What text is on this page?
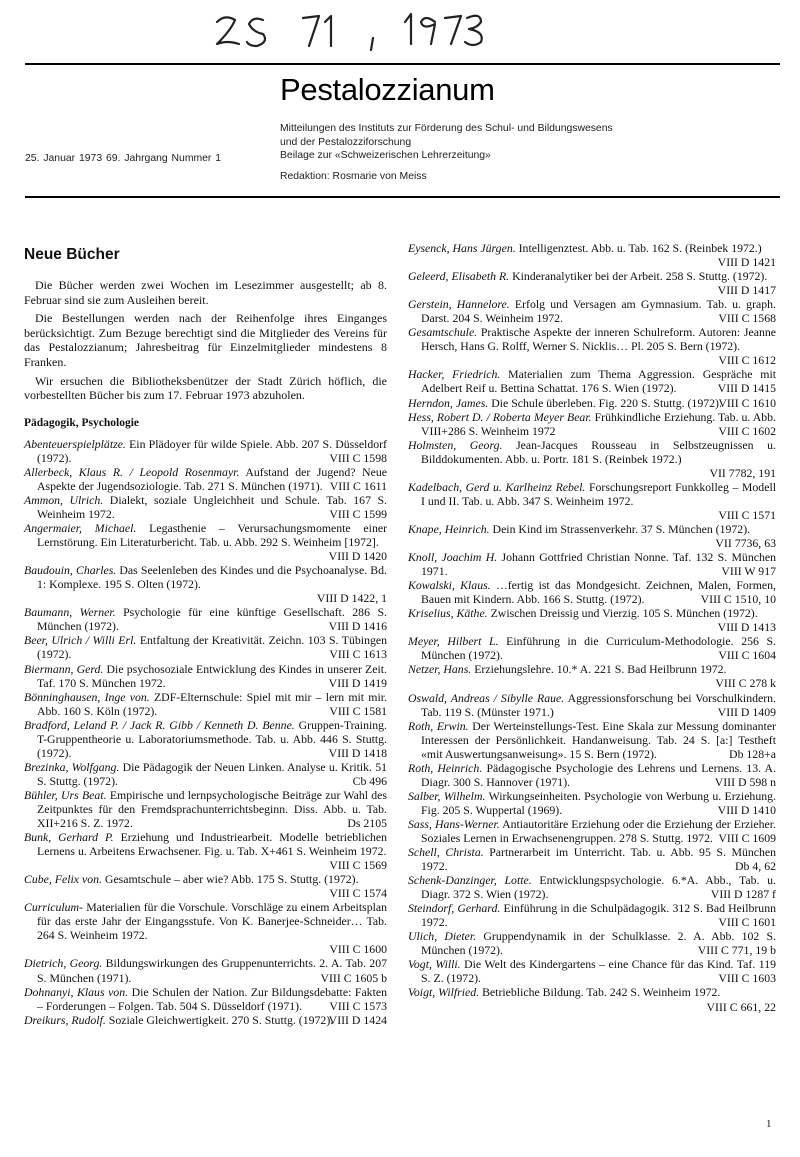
Pestalozzianum
Mitteilungen des Instituts zur Förderung des Schul- und Bildungswesens
und der Pestalozziforschung
Beilage zur «Schweizerischen Lehrerzeitung»
Redaktion: Rosmarie von Meiss
25. Januar 1973 69. Jahrgang Nummer 1
Neue Bücher

Die Bücher werden zwei Wochen im Lesezimmer ausgestellt; ab 8. Februar sind sie zum Ausleihen bereit.

Die Bestellungen werden nach der Reihenfolge ihres Einganges berücksichtigt. Zum Bezuge berechtigt sind die Mitglieder des Vereins für das Pestalozzianum; Jahresbeitrag für Einzelmitglieder mindestens 8 Franken.

Wir ersuchen die Bibliotheksbenützer der Stadt Zürich höflich, die vorbestellten Bücher bis zum 17. Februar 1973 abzuholen.

Pädagogik, Psychologie
Abenteuerspielplätze. Ein Plädoyer für wilde Spiele. Abb. 207 S. Düsseldorf (1972).	VIII C 1598
Allerbeck, Klaus R. / Leopold Rosenmayr. Aufstand der Jugend? Neue Aspekte der Jugendsoziologie. Tab. 271 S. München (1971). VIII C 1611
Ammon, Ulrich. Dialekt, soziale Ungleichheit und Schule. Tab. 167 S. Weinheim 1972.	VIII C 1599
Angermaier, Michael. Legasthenie – Verursachungsmomente einer Lernstörung. Ein Literaturbericht. Tab. u. Abb. 292 S. Weinheim [1972].
VIII D 1420
Baudouin, Charles. Das Seelenleben des Kindes und die Psychoanalyse. Bd. 1: Komplexe. 195 S. Olten (1972).
VIII D 1422, 1
Baumann, Werner. Psychologie für eine künftige Gesellschaft. 286 S. München (1972).	VIII D 1416
Beer, Ulrich / Willi Erl. Entfaltung der Kreativität. Zeichn. 103 S. Tübingen (1972).	VIII C 1613
Biermann, Gerd. Die psychosoziale Entwicklung des Kindes in unserer Zeit. Taf. 170 S. München 1972.	VIII D 1419
Bönninghausen, Inge von. ZDF-Elternschule: Spiel mit mir – lern mit mir. Abb. 160 S. Köln (1972).	VIII C 1581
Bradford, Leland P. / Jack R. Gibb / Kenneth D. Benne. Gruppen-Training. T-Gruppentheorie u. Laboratoriumsmethode. Tab. u. Abb. 446 S. Stuttg. (1972).	VIII D 1418
Brezinka, Wolfgang. Die Pädagogik der Neuen Linken. Analyse u. Kritik. 51 S. Stuttg. (1972).	Cb 496
Bühler, Urs Beat. Empirische und lernpsychologische Beiträge zur Wahl des Zeitpunktes für den Fremdsprachunterrichtsbeginn. Diss. Abb. u. Tab. XII+216 S. Z. 1972.	Ds 2105
Bunk, Gerhard P. Erziehung und Industriearbeit. Modelle betrieblichen Lernens u. Arbeitens Erwachsener. Fig. u. Tab. X+461 S. Weinheim 1972.
VIII C 1569
Cube, Felix von. Gesamtschule – aber wie? Abb. 175 S. Stuttg. (1972).
VIII C 1574
Curriculum- Materialien für die Vorschule. Vorschläge zu einem Arbeitsplan für das erste Jahr der Eingangsstufe. Von K. Banerjee-Schneider… Tab. 264 S. Weinheim 1972.
VIII C 1600
Dietrich, Georg. Bildungswirkungen des Gruppenunterrichts. 2. A. Tab. 207 S. München (1971).	VIII C 1605 b
Dohnanyi, Klaus von. Die Schulen der Nation. Zur Bildungsdebatte: Fakten – Forderungen – Folgen. Tab. 504 S. Düsseldorf (1971). VIII C 1573
Dreikurs, Rudolf. Soziale Gleichwertigkeit. 270 S. Stuttg. (1972).
VIII D 1424
Eysenck, Hans Jürgen. Intelligenztest. Abb. u. Tab. 162 S. (Reinbek 1972.)
VIII D 1421
Geleerd, Elisabeth R. Kinderanalytiker bei der Arbeit. 258 S. Stuttg. (1972).
VIII D 1417
Gerstein, Hannelore. Erfolg und Versagen am Gymnasium. Tab. u. graph. Darst. 204 S. Weinheim 1972.	VIII C 1568
Gesamtschule. Praktische Aspekte der inneren Schulreform. Autoren: Jeanne Hersch, Hans G. Rolff, Werner S. Nicklis… Pl. 205 S. Bern (1972).
VIII C 1612
Hacker, Friedrich. Materialien zum Thema Aggression. Gespräche mit Adelbert Reif u. Bettina Schattat. 176 S. Wien (1972).	VIII D 1415
Herndon, James. Die Schule überleben. Fig. 220 S. Stuttg. (1972).
VIII C 1610
Hess, Robert D. / Roberta Meyer Bear. Frühkindliche Erziehung. Tab. u. Abb. VIII+286 S. Weinheim 1972	VIII C 1602
Holmsten, Georg. Jean-Jacques Rousseau in Selbstzeugnissen u. Bilddokumenten. Abb. u. Portr. 181 S. (Reinbek 1972.)
VII 7782, 191
Kadelbach, Gerd u. Karlheinz Rebel. Forschungsreport Funkkolleg – Modell I und II. Tab. u. Abb. 347 S. Weinheim 1972.
VIII C 1571
Knape, Heinrich. Dein Kind im Strassenverkehr. 37 S. München (1972).
VII 7736, 63
Knoll, Joachim H. Johann Gottfried Christian Nonne. Taf. 132 S. München 1971.	VIII W 917
Kowalski, Klaus. …fertig ist das Mondgesicht. Zeichnen, Malen, Formen, Bauen mit Kindern. Abb. 166 S. Stuttg. (1972).	VIII C 1510, 10
Kriselius, Käthe. Zwischen Dreissig und Vierzig. 105 S. München (1972).
VIII D 1413
Meyer, Hilbert L. Einführung in die Curriculum-Methodologie. 256 S. München (1972).	VIII C 1604
Netzer, Hans. Erziehungslehre. 10.* A. 221 S. Bad Heilbrunn 1972.
VIII C 278 k
Oswald, Andreas / Sibylle Raue. Aggressionsforschung bei Vorschulkindern. Tab. 119 S. (Münster 1971.)	VIII D 1409
Roth, Erwin. Der Werteinstellungs-Test. Eine Skala zur Messung dominanter Interessen der Persönlichkeit. Handanweisung. Tab. 24 S. [a:] Testheft «mit Auswertungsanweisung». 15 S. Bern (1972).	Db 128+a
Roth, Heinrich. Pädagogische Psychologie des Lehrens und Lernens. 13. A. Diagr. 300 S. Hannover (1971).	VIII D 598 n
Salber, Wilhelm. Wirkungseinheiten. Psychologie von Werbung u. Erziehung. Fig. 205 S. Wuppertal (1969).	VIII D 1410
Sass, Hans-Werner. Antiautoritäre Erziehung oder die Erziehung der Erzieher. Soziales Lernen in Erwachsenengruppen. 278 S. Stuttg. 1972. VIII C 1609
Schell, Christa. Partnerarbeit im Unterricht. Tab. u. Abb. 95 S. München 1972.	Db 4, 62
Schenk-Danzinger, Lotte. Entwicklungspsychologie. 6.*A. Abb., Tab. u. Diagr. 372 S. Wien (1972).	VIII D 1287 f
Steindorf, Gerhard. Einführung in die Schulpädagogik. 312 S. Bad Heilbrunn 1972.	VIII C 1601
Ulich, Dieter. Gruppendynamik in der Schulklasse. 2. A. Abb. 102 S. München (1972).	VIII C 771, 19 b
Vogt, Willi. Die Welt des Kindergartens – eine Chance für das Kind. Taf. 119 S. Z. (1972).	VIII C 1603
Voigt, Wilfried. Betriebliche Bildung. Tab. 242 S. Weinheim 1972.
VIII C 661, 22
1
